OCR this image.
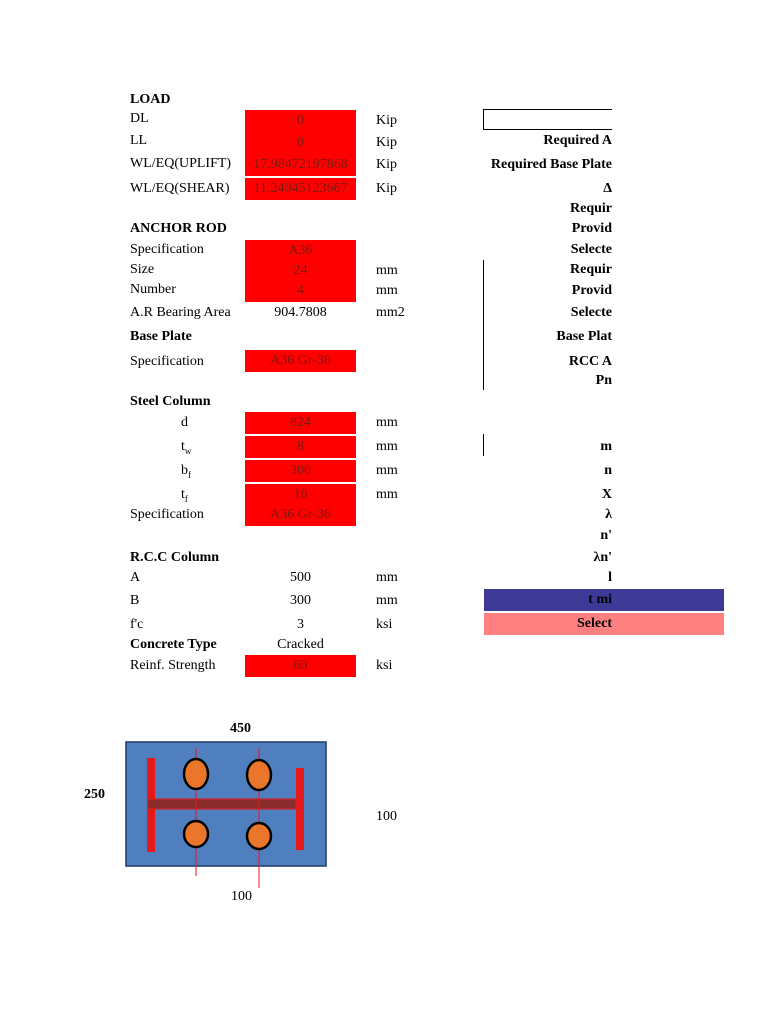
LOAD
DL	0	Kip
LL	0	Kip
WL/EQ(UPLIFT)	17.98472197868	Kip
WL/EQ(SHEAR)	11.24045123667	Kip
ANCHOR ROD
Specification	A36
Size	24	mm
Number	4	mm
A.R Bearing Area	904.7808	mm2
Base Plate
Specification	A36 Gr-36
Steel Column
d	824	mm
$t_w$	8	mm
$b_f$	300	mm
$t_f$	16	mm
Specification	A36 Gr-36
R.C.C Column
A	500	mm
B	300	mm
f'c	3	ksi
Concrete Type	Cracked
Reinf. Strength	60	ksi
Required A
Required Base Plate
Δ
Requir
Provid
Selecte
Requir
Provid
Selecte
Base Plat
RCC A
Pn
m
n
X
λ
n'
λn'
l
t mi
Select
450
250
100
100
